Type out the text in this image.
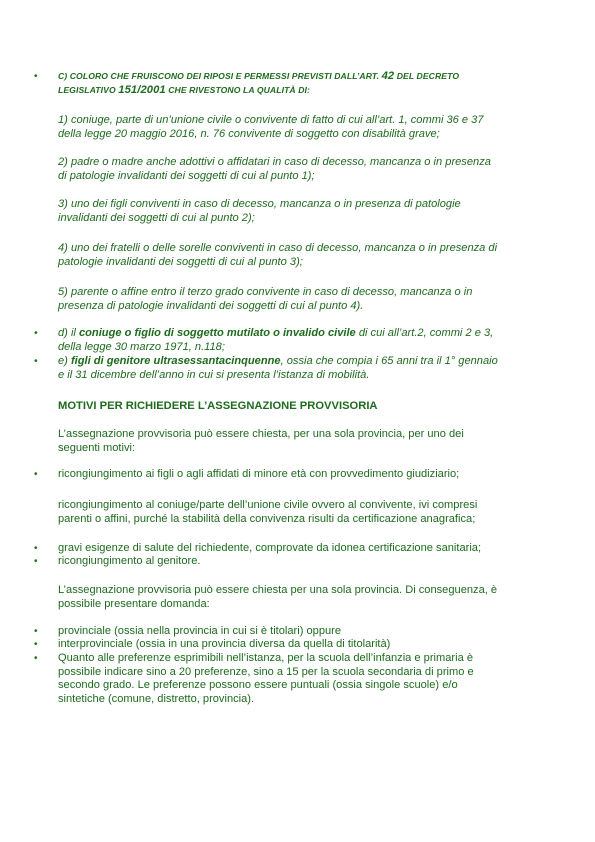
•	C) COLORO CHE FRUISCONO DEI RIPOSI E PERMESSI PREVISTI DALL’ART. 42 DEL DECRETO
LEGISLATIVO 151/2001 CHE RIVESTONO LA QUALITÀ DI:
1) coniuge, parte di un’unione civile o convivente di fatto di cui all’art. 1, commi 36 e 37
della legge 20 maggio 2016, n. 76 convivente di soggetto con disabilità grave;
2) padre o madre anche adottivi o affidatari in caso di decesso, mancanza o in presenza
di patologie invalidanti dei soggetti di cui al punto 1);
3) uno dei figli conviventi in caso di decesso, mancanza o in presenza di patologie
invalidanti dei soggetti di cui al punto 2);
4) uno dei fratelli o delle sorelle conviventi in caso di decesso, mancanza o in presenza di
patologie invalidanti dei soggetti di cui al punto 3);
5) parente o affine entro il terzo grado convivente in caso di decesso, mancanza o in
presenza di patologie invalidanti dei soggetti di cui al punto 4).
•	d) il coniuge o figlio di soggetto mutilato o invalido civile di cui all’art.2, commi 2 e 3,
della legge 30 marzo 1971, n.118;
•	e) figli di genitore ultrasessantacinquenne, ossia che compia i 65 anni tra il 1° gennaio
e il 31 dicembre dell’anno in cui si presenta l’istanza di mobilità.
MOTIVI PER RICHIEDERE L’ASSEGNAZIONE PROVVISORIA
L’assegnazione provvisoria può essere chiesta, per una sola provincia, per uno dei
seguenti motivi:
•	ricongiungimento ai figli o agli affidati di minore età con provvedimento giudiziario;
ricongiungimento al coniuge/parte dell’unione civile ovvero al convivente, ivi compresi
parenti o affini, purché la stabilità della convivenza risulti da certificazione anagrafica;
•	gravi esigenze di salute del richiedente, comprovate da idonea certificazione sanitaria;
•	ricongiungimento al genitore.
L’assegnazione provvisoria può essere chiesta per una sola provincia. Di conseguenza, è
possibile presentare domanda:
•	provinciale (ossia nella provincia in cui si è titolari) oppure
•	interprovinciale (ossia in una provincia diversa da quella di titolarità)
•	Quanto alle preferenze esprimibili nell’istanza, per la scuola dell’infanzia e primaria è
possibile indicare sino a 20 preferenze, sino a 15 per la scuola secondaria di primo e
secondo grado. Le preferenze possono essere puntuali (ossia singole scuole) e/o
sintetiche (comune, distretto, provincia).
